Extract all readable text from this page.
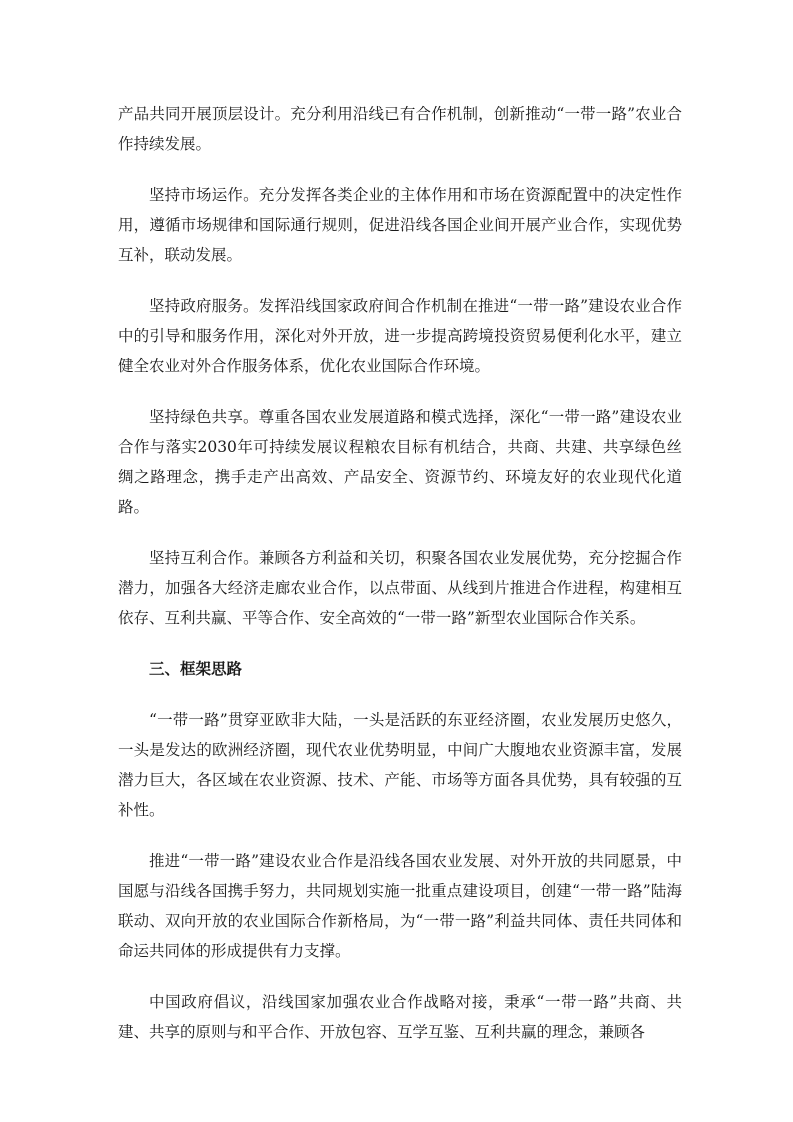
产品共同开展顶层设计。充分利用沿线已有合作机制，创新推动“一带一路”农业合作持续发展。

坚持市场运作。充分发挥各类企业的主体作用和市场在资源配置中的决定性作用，遵循市场规律和国际通行规则，促进沿线各国企业间开展产业合作，实现优势互补，联动发展。

坚持政府服务。发挥沿线国家政府间合作机制在推进“一带一路”建设农业合作中的引导和服务作用，深化对外开放，进一步提高跨境投资贸易便利化水平，建立健全农业对外合作服务体系，优化农业国际合作环境。

坚持绿色共享。尊重各国农业发展道路和模式选择，深化“一带一路”建设农业合作与落实2030年可持续发展议程粮农目标有机结合，共商、共建、共享绿色丝绸之路理念，携手走产出高效、产品安全、资源节约、环境友好的农业现代化道路。

坚持互利合作。兼顾各方利益和关切，积聚各国农业发展优势，充分挖掘合作潜力，加强各大经济走廊农业合作，以点带面、从线到片推进合作进程，构建相互依存、互利共赢、平等合作、安全高效的“一带一路”新型农业国际合作关系。

三、框架思路

“一带一路”贯穿亚欧非大陆，一头是活跃的东亚经济圈，农业发展历史悠久，一头是发达的欧洲经济圈，现代农业优势明显，中间广大腹地农业资源丰富，发展潜力巨大，各区域在农业资源、技术、产能、市场等方面各具优势，具有较强的互补性。

推进“一带一路”建设农业合作是沿线各国农业发展、对外开放的共同愿景，中国愿与沿线各国携手努力，共同规划实施一批重点建设项目，创建“一带一路”陆海联动、双向开放的农业国际合作新格局，为“一带一路”利益共同体、责任共同体和命运共同体的形成提供有力支撑。

中国政府倡议，沿线国家加强农业合作战略对接，秉承“一带一路”共商、共建、共享的原则与和平合作、开放包容、互学互鉴、互利共赢的理念，兼顾各
